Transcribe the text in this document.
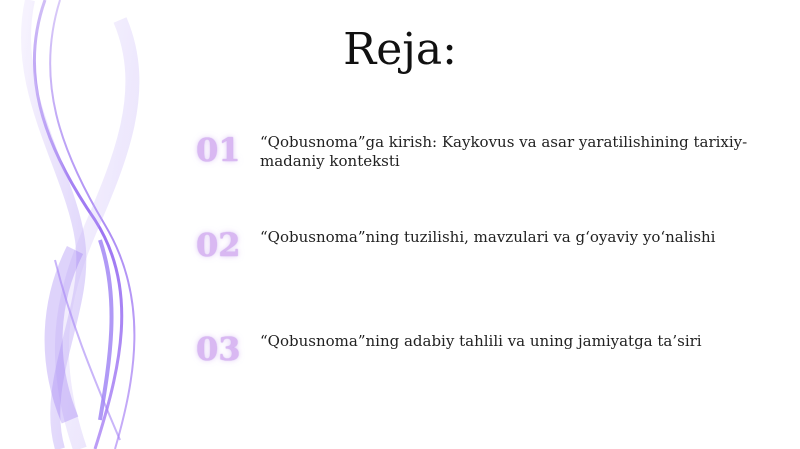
Reja:
01	“Qobusnoma”ga kirish: Kaykovus va asar yaratilishining tarixiy-madaniy konteksti
02	“Qobusnoma”ning tuzilishi, mavzulari va g‘oyaviy yo‘nalishi
03	“Qobusnoma”ning adabiy tahlili va uning jamiyatga ta’siri
